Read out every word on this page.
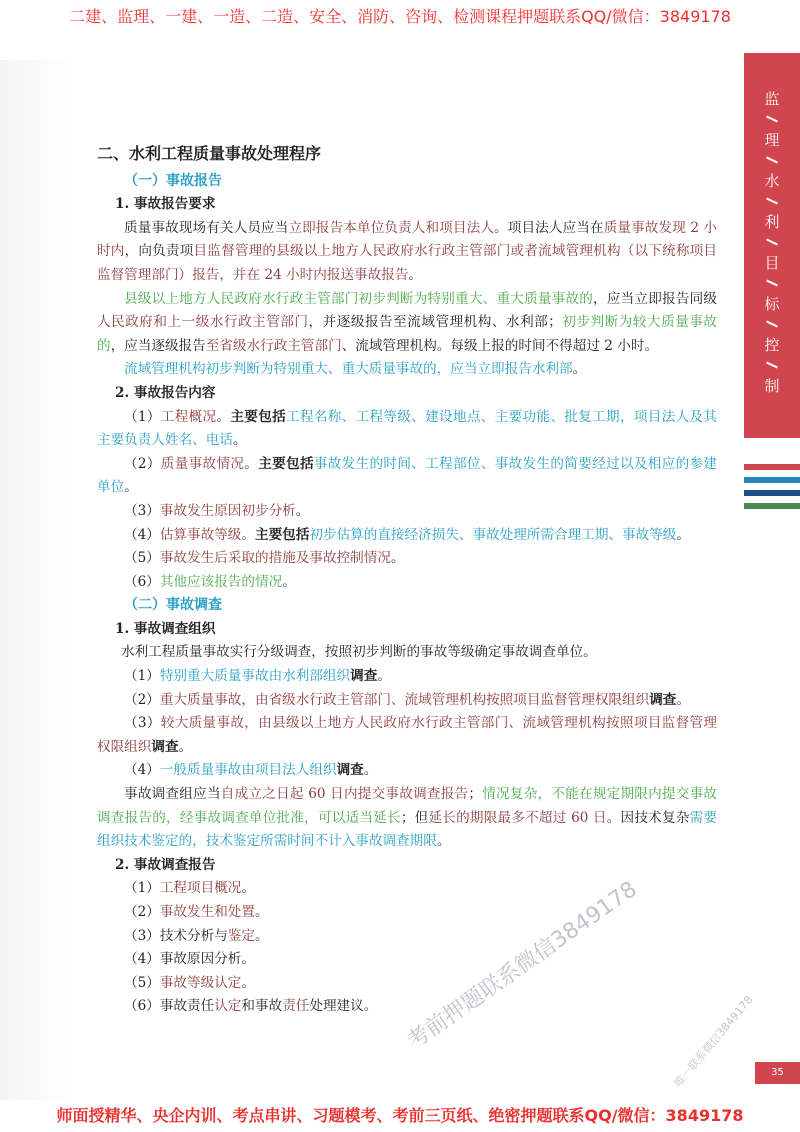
二建、监理、一建、一造、二造、安全、消防、咨询、检测课程押题联系QQ/微信：3849178

二、水利工程质量事故处理程序

（一）事故报告

1. 事故报告要求

质量事故现场有关人员应当立即报告本单位负责人和项目法人。项目法人应当在质量事故发现 2 小时内，向负责项目监督管理的县级以上地方人民政府水行政主管部门或者流域管理机构（以下统称项目监督管理部门）报告，并在 24 小时内报送事故报告。

县级以上地方人民政府水行政主管部门初步判断为特别重大、重大质量事故的，应当立即报告同级人民政府和上一级水行政主管部门，并逐级报告至流域管理机构、水利部；初步判断为较大质量事故的，应当逐级报告至省级水行政主管部门、流域管理机构。每级上报的时间不得超过 2 小时。

流域管理机构初步判断为特别重大、重大质量事故的，应当立即报告水利部。

2. 事故报告内容

（1）工程概况。主要包括工程名称、工程等级、建设地点、主要功能、批复工期，项目法人及其主要负责人姓名、电话。

（2）质量事故情况。主要包括事故发生的时间、工程部位、事故发生的简要经过以及相应的参建单位。

（3）事故发生原因初步分析。

（4）估算事故等级。主要包括初步估算的直接经济损失、事故处理所需合理工期、事故等级。

（5）事故发生后采取的措施及事故控制情况。

（6）其他应该报告的情况。

（二）事故调查

1. 事故调查组织

水利工程质量事故实行分级调查，按照初步判断的事故等级确定事故调查单位。

（1）特别重大质量事故由水利部组织调查。

（2）重大质量事故，由省级水行政主管部门、流域管理机构按照项目监督管理权限组织调查。

（3）较大质量事故，由县级以上地方人民政府水行政主管部门、流域管理机构按照项目监督管理权限组织调查。

（4）一般质量事故由项目法人组织调查。

事故调查组应当自成立之日起 60 日内提交事故调查报告；情况复杂，不能在规定期限内提交事故调查报告的，经事故调查单位批准，可以适当延长；但延长的期限最多不超过 60 日。因技术复杂需要组织技术鉴定的，技术鉴定所需时间不计入事故调查期限。

2. 事故调查报告

（1）工程项目概况。

（2）事故发生和处置。

（3）技术分析与鉴定。

（4）事故原因分析。

（5）事故等级认定。

（6）事故责任认定和事故责任处理建议。

监
理
水
利
目
标
控
制
考前押题联系微信3849178	唯一联系微信3849178	35
师面授精华、央企内训、考点串讲、习题模考、考前三页纸、绝密押题联系QQ/微信：3849178
